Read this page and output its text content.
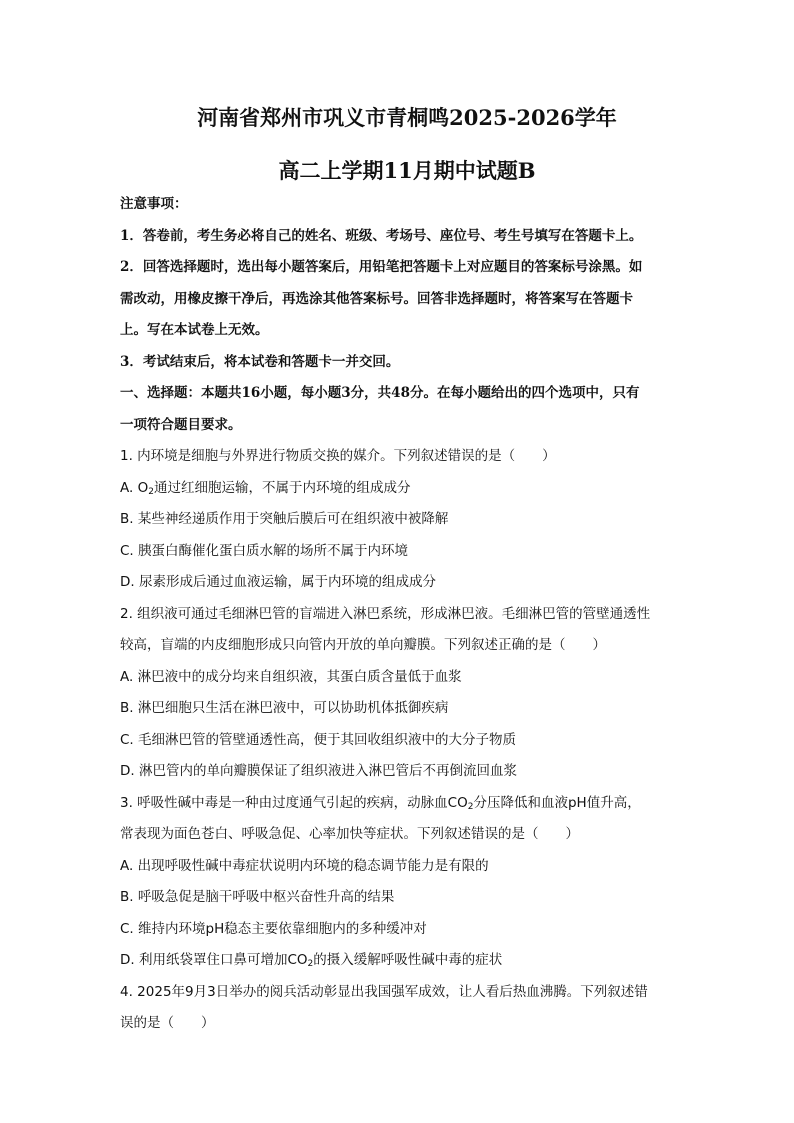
河南省郑州市巩义市青桐鸣2025-2026学年
高二上学期11月期中试题B
注意事项：
1．答卷前，考生务必将自己的姓名、班级、考场号、座位号、考生号填写在答题卡上。
2．回答选择题时，选出每小题答案后，用铅笔把答题卡上对应题目的答案标号涂黑。如
需改动，用橡皮擦干净后，再选涂其他答案标号。回答非选择题时，将答案写在答题卡
上。写在本试卷上无效。
3．考试结束后，将本试卷和答题卡一并交回。
一、选择题：本题共16小题，每小题3分，共48分。在每小题给出的四个选项中，只有
一项符合题目要求。
1. 内环境是细胞与外界进行物质交换的媒介。下列叙述错误的是（　　）
A. $O_2$通过红细胞运输，不属于内环境的组成成分
B. 某些神经递质作用于突触后膜后可在组织液中被降解
C. 胰蛋白酶催化蛋白质水解的场所不属于内环境
D. 尿素形成后通过血液运输，属于内环境的组成成分
2. 组织液可通过毛细淋巴管的盲端进入淋巴系统，形成淋巴液。毛细淋巴管的管壁通透性
较高，盲端的内皮细胞形成只向管内开放的单向瓣膜。下列叙述正确的是（　　）
A. 淋巴液中的成分均来自组织液，其蛋白质含量低于血浆
B. 淋巴细胞只生活在淋巴液中，可以协助机体抵御疾病
C. 毛细淋巴管的管壁通透性高，便于其回收组织液中的大分子物质
D. 淋巴管内的单向瓣膜保证了组织液进入淋巴管后不再倒流回血浆
3. 呼吸性碱中毒是一种由过度通气引起的疾病，动脉血$CO_2$分压降低和血液pH值升高，
常表现为面色苍白、呼吸急促、心率加快等症状。下列叙述错误的是（　　）
A. 出现呼吸性碱中毒症状说明内环境的稳态调节能力是有限的
B. 呼吸急促是脑干呼吸中枢兴奋性升高的结果
C. 维持内环境pH稳态主要依靠细胞内的多种缓冲对
D. 利用纸袋罩住口鼻可增加$CO_2$的摄入缓解呼吸性碱中毒的症状
4. 2025年9月3日举办的阅兵活动彰显出我国强军成效，让人看后热血沸腾。下列叙述错
误的是（　　）
